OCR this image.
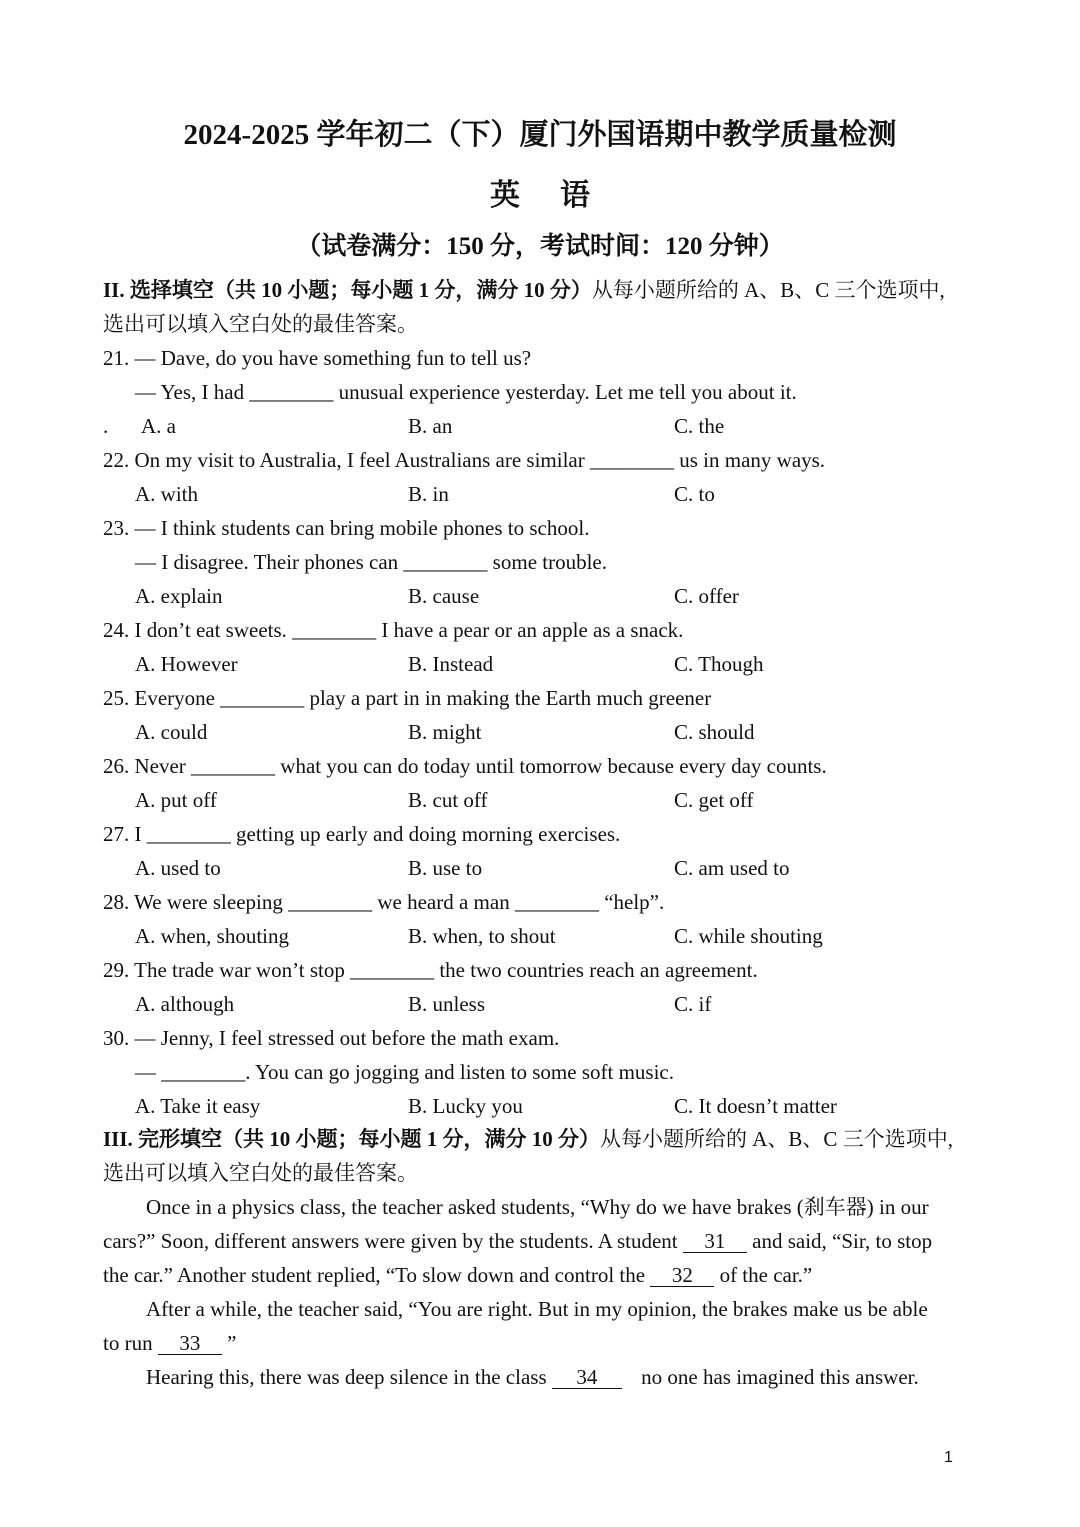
2024-2025 学年初二（下）厦门外国语期中教学质量检测
英语
（试卷满分：150 分，考试时间：120 分钟）
II. 选择填空（共 10 小题；每小题 1 分，满分 10 分）从每小题所给的 A、B、C 三个选项中,
选出可以填入空白处的最佳答案。
21. — Dave, do you have something fun to tell us?
— Yes, I had ________ unusual experience yesterday. Let me tell you about it.
. A. a	B. an	C. the
22. On my visit to Australia, I feel Australians are similar ________ us in many ways.
A. with	B. in	C. to
23. — I think students can bring mobile phones to school.
— I disagree. Their phones can ________ some trouble.
A. explain	B. cause	C. offer
24. I don’t eat sweets. ________ I have a pear or an apple as a snack.
A. However	B. Instead	C. Though
25. Everyone ________ play a part in in making the Earth much greener
A. could	B. might	C. should
26. Never ________ what you can do today until tomorrow because every day counts.
A. put off	B. cut off	C. get off
27. I ________ getting up early and doing morning exercises.
A. used to	B. use to	C. am used to
28. We were sleeping ________ we heard a man ________ “help”.
A. when, shouting	B. when, to shout	C. while shouting
29. The trade war won’t stop ________ the two countries reach an agreement.
A. although	B. unless	C. if
30. — Jenny, I feel stressed out before the math exam.
— ________. You can go jogging and listen to some soft music.
A. Take it easy	B. Lucky you	C. It doesn’t matter
III. 完形填空（共 10 小题；每小题 1 分，满分 10 分）从每小题所给的 A、B、C 三个选项中,
选出可以填入空白处的最佳答案。
Once in a physics class, the teacher asked students, “Why do we have brakes (刹车器) in our
cars?” Soon, different answers were given by the students. A student 31 and said, “Sir, to stop
the car.” Another student replied, “To slow down and control the 32 of the car.”
After a while, the teacher said, “You are right. But in my opinion, the brakes make us be able
to run 33 ”
Hearing this, there was deep silence in the class 34 no one has imagined this answer.
1
